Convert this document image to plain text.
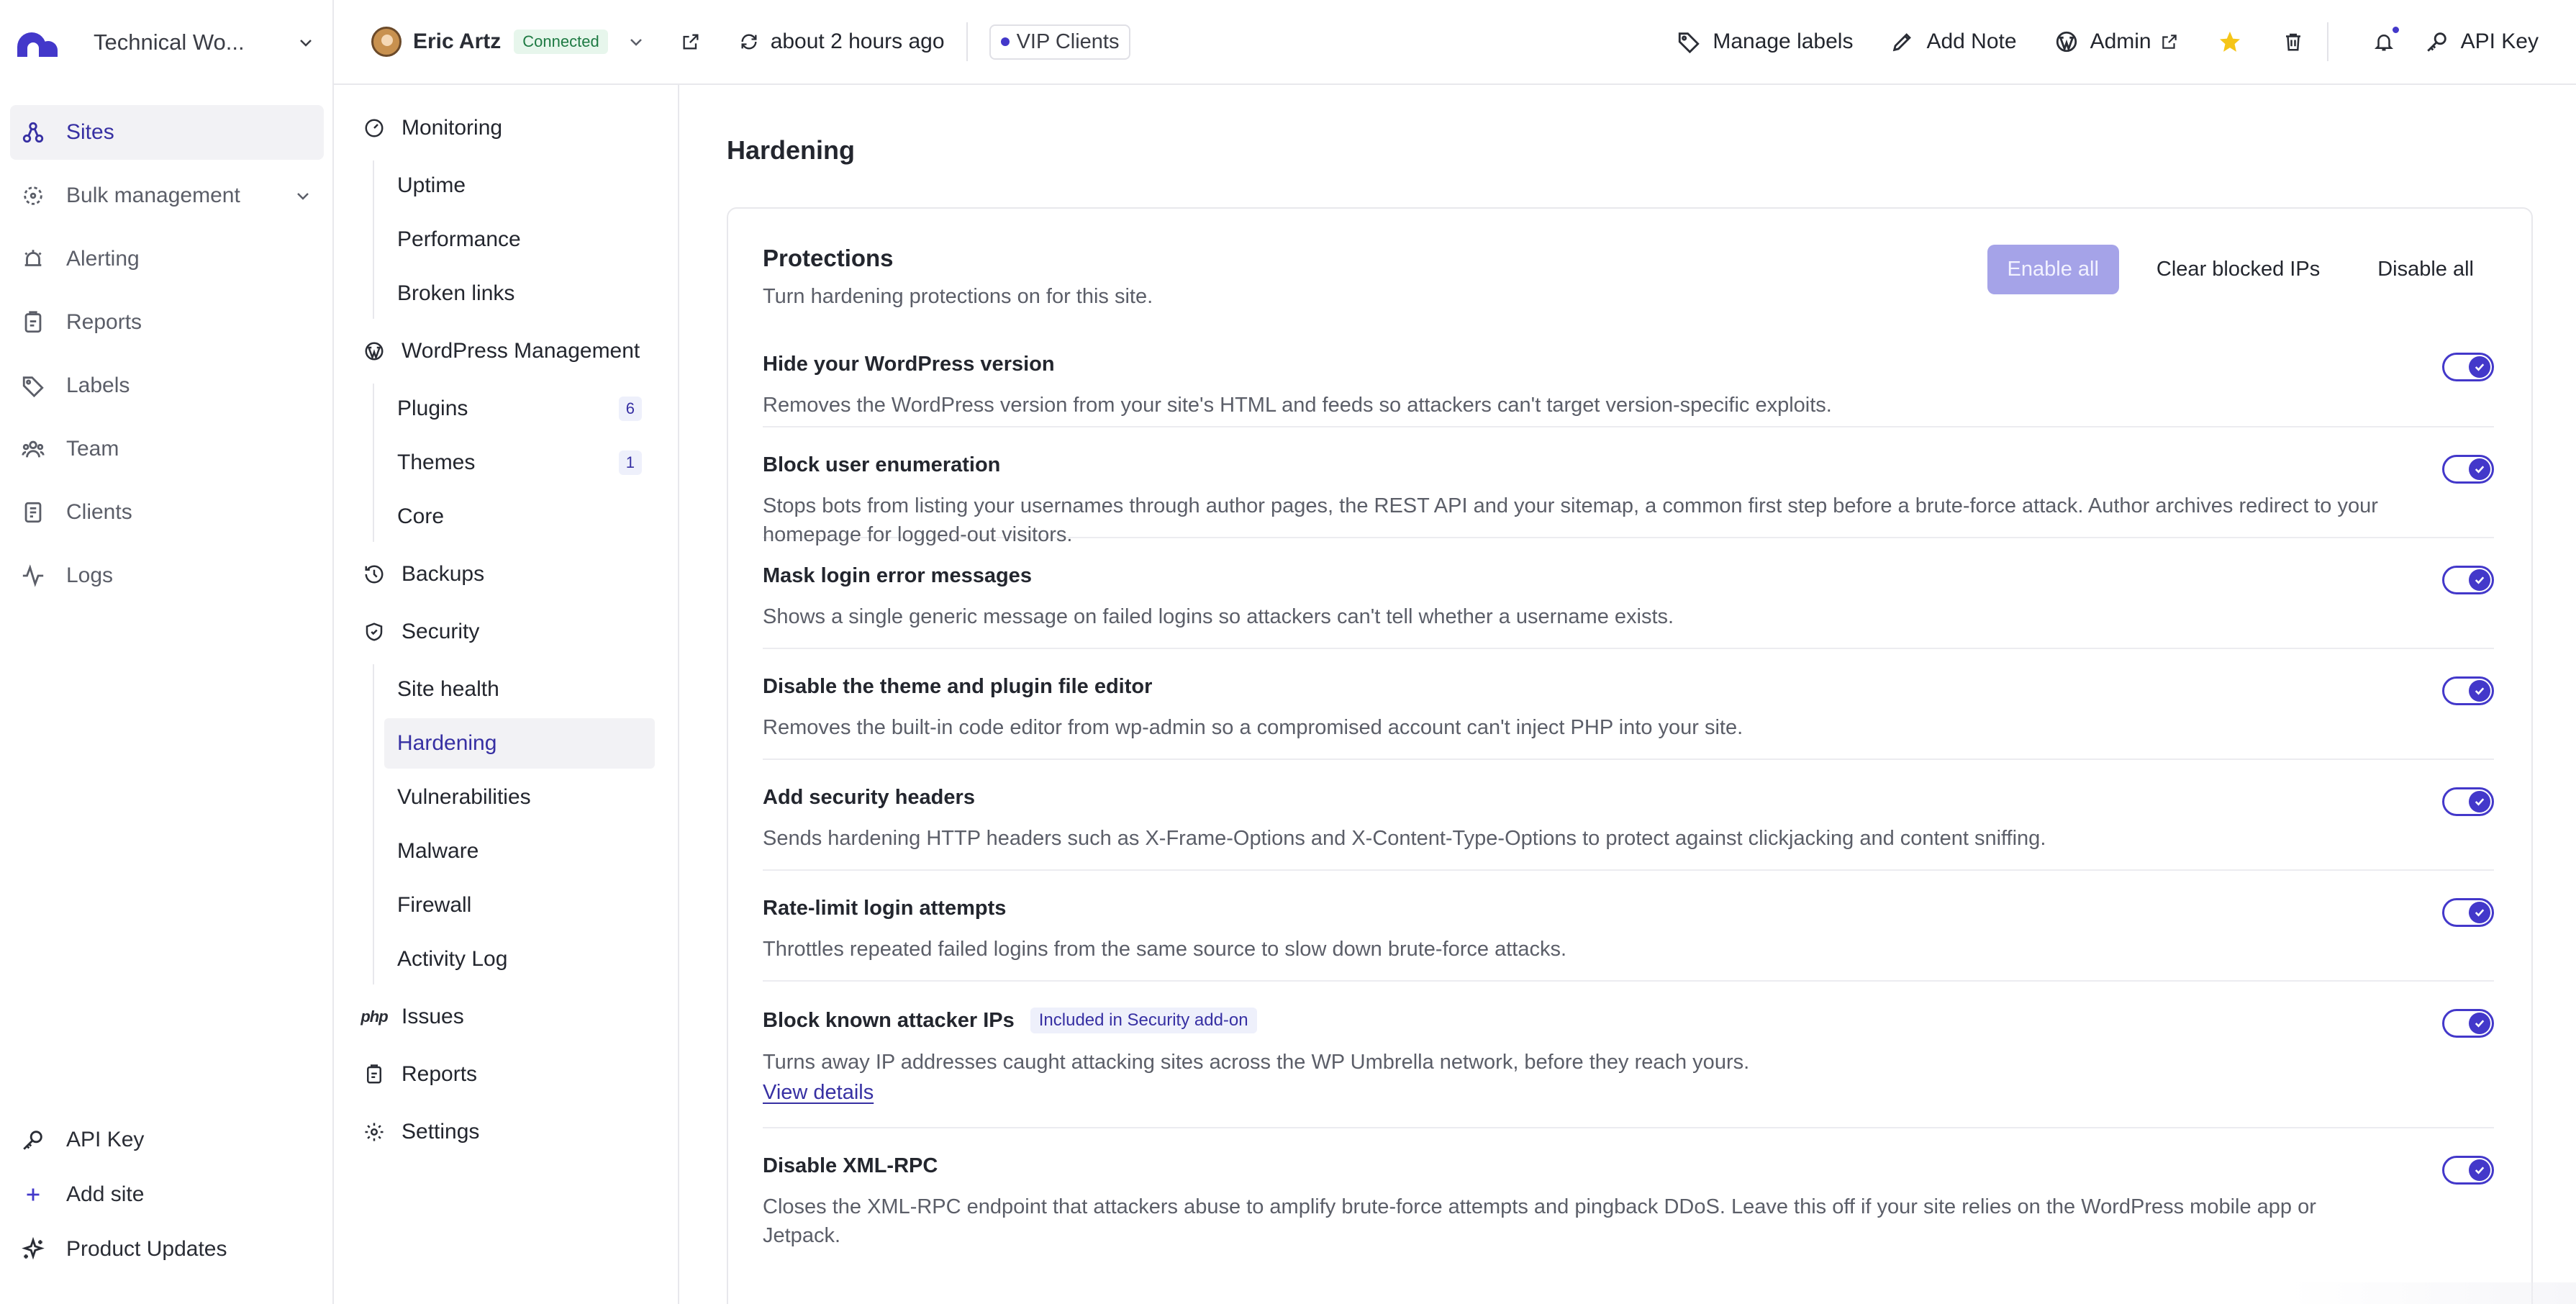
Technical Wo...
Sites
Bulk management
Alerting
Reports
Labels
Team
Clients
Logs
API Key
Add site
Product Updates
Eric Artz	Connected	about 2 hours ago	VIP Clients	Manage labels	Add Note	Admin	API Key
Monitoring
Uptime
Performance
Broken links
WordPress Management
Plugins	6
Themes	1
Core
Backups
Security
Site health
Hardening
Vulnerabilities
Malware
Firewall
Activity Log
php Issues
Reports
Settings
Hardening
Protections
Turn hardening protections on for this site.
Enable all	Clear blocked IPs	Disable all
Hide your WordPress version
Removes the WordPress version from your site's HTML and feeds so attackers can't target version-specific exploits.
Block user enumeration
Stops bots from listing your usernames through author pages, the REST API and your sitemap, a common first step before a brute-force attack. Author archives redirect to your homepage for logged-out visitors.
Mask login error messages
Shows a single generic message on failed logins so attackers can't tell whether a username exists.
Disable the theme and plugin file editor
Removes the built-in code editor from wp-admin so a compromised account can't inject PHP into your site.
Add security headers
Sends hardening HTTP headers such as X-Frame-Options and X-Content-Type-Options to protect against clickjacking and content sniffing.
Rate-limit login attempts
Throttles repeated failed logins from the same source to slow down brute-force attacks.
Block known attacker IPs	Included in Security add-on
Turns away IP addresses caught attacking sites across the WP Umbrella network, before they reach yours.
View details
Disable XML-RPC
Closes the XML-RPC endpoint that attackers abuse to amplify brute-force attempts and pingback DDoS. Leave this off if your site relies on the WordPress mobile app or Jetpack.
